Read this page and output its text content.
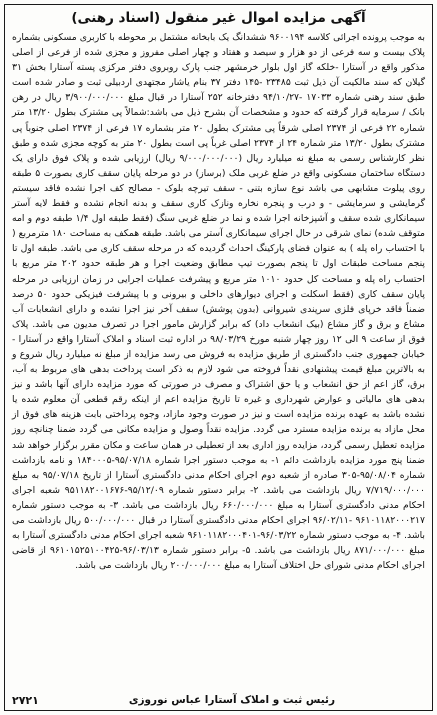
آگهی مزایده اموال غیر منقول (اسناد رهنی)

به موجب پرونده اجرائی کلاسه ۹۶۰۰۱۹۴ ششدانگ یک بابخانه مشتمل بر محوطه با کاربری مسکونی بشماره پلاک بیست و سه فرعی از دو هزار و سیصد و هفتاد و چهار اصلی مفروز و مجزی شده از فرعی از اصلی مذکور واقع در آستارا -خلکه گاز اول بلوار خرمشهر جنب پارک روبروی دفتر مرکزی پسته آستارا بخش ۳۱ گیلان که سند مالکیت آن ذیل ثبت ۲۳۴۸۵ -۱۴۵ دفتر ۳۷ بنام یاشار مجتهدی اردبیلی ثبت و صادر شده است طبق سند رهنی شماره ۱۷۰۳۳ -۹۴/۱۰/۲۷ دفترخانه ۲۵۲ آستارا در قبال مبلغ ۳/۹۰۰/۰۰۰/۰۰۰ ریال در رهن بانک / سرمایه قرار گرفته که حدود و مشخصات آن بشرح ذیل می باشد:شمالاً پی مشترک بطول ۱۳/۲۰ متر شماره ۲۲ فرعی از ۲۳۷۴ اصلی شرقاً پی مشترک بطول ۲۰ متر بشماره ۱۷ فرعی از ۲۳۷۴ اصلی جنوباً پی مشترک بطول ۱۳/۲۰ متر شماره ۲۴ از ۲۳۷۴ اصلی غرباً پی است بطول ۲۰ متر به کوچه مجزی شده و طبق نظر کارشناس رسمی به مبلغ نه میلیارد ریال (۹/۰۰۰/۰۰۰/۰۰۰ ریال) ارزیابی شده و پلاک فوق دارای یک دستگاه ساختمان مسکونی واقع در ضلع غربی ملک (برساز) در دو مرحله پایان سقف کاری بصورت ۵ طبقه روی پیلوت مشابهی می باشد نوع سازه بتنی - سقف تیرچه بلوک - مصالح کف اجرا نشده فاقد سیستم گرمایشی و سرمایشی - و درب و پنجره نخاره ونازک کاری سقف و بدنه انجام نشده و فقط لایه آستر سیمانکاری شده سقف و آشپزخانه اجرا شده و نما در ضلع غربی سنگ (فقط طبقه اول ۱/۴ طبقه دوم و امه متوقف شده) نمای شرقی در حال اجرای سیمانکاری آستر می باشد. طبقه همکف به مساحت ۱۸۰ مترمربع ( با احتساب راه پله ) به عنوان فضای پارکینگ احداث گردیده که در مرحله سقف کاری می باشد. طبقه اول تا پنجم مساحت طبقات اول تا پنجم بصورت تیپ مطابق وضعیت اجرا و هر طبقه حدود ۲۰۲ متر مربع با احتساب راه پله و مساحت کل حدود ۱۰۱۰ متر مربع و پیشرفت عملیات اجرایی در زمان ارزیابی در مرحله پایان سقف کاری (فقط اسکلت و اجرای دیوارهای داخلی و بیرونی و با پیشرفت فیزیکی حدود ۵۰ درصد ضمناً فاقد خرپای فلزی سرپندی شیروانی (بدون پوشش) سقف آخر نیز اجرا نشده و دارای انشعابات آب مشاع و برق و گاز مشاع (بیک انشعاب داد) که برابر گزارش مامور اجرا در تصرف مدیون می باشد. پلاک فوق از ساعت ۹ الی ۱۲ روز چهار شنبه مورخ ۹۸/۰۳/۲۹ در اداره ثبت اسناد و املاک آستارا واقع در آستارا - خیابان جمهوری جنب دادگستری از طریق مزایده به فروش می رسد مزایده از مبلغ نه میلیارد ریال شروع و به بالاترین مبلغ قیمت پیشنهادی نقداً فروخته می شود لازم به ذکر است پرداخت بدهی های مربوط به آب، برق، گاز اعم از حق انشعاب و یا حق اشتراک و مصرف در صورتی که مورد مزایده دارای آنها باشد و نیز بدهی های مالیاتی و عوارض شهرداری و غیره تا تاریخ مزایده اعم از اینکه رقم قطعی آن معلوم شده یا نشده باشد به عهده برنده مزایده است و نیز در صورت وجود مازاد، وجوه پرداختی بابت هزینه های فوق از محل مازاد به برنده مزایده مسترد می گردد. مزایده نقداً وصول و مزایده مکانی می گردد ضمنا چنانچه روز مزایده تعطیل رسمی گردد، مزایده روز اداری بعد از تعطیلی در همان ساعت و مکان مقرر برگزار خواهد شد ضمنا پنج مورد مزایده بازداشت دائم ۱- به موجب دستور اجرا شماره ۹۵/۰۷/۱۸-۱۸۴۰۰۰۵ و نامه بازداشت شماره ۹۵/۰۸/۰۴-۳۰۵ صادره از شعبه دوم اجرای احکام مدنی دادگستری آستارا از تاریخ ۹۵/۰۷/۱۸ به مبلغ ۷/۷۱۹/۰۰۰/۰۰۰ ریال بازداشت می باشد. ۲- برابر دستور شماره ۹۵/۱۲/۰۹-۹۵۱۱۸۲۰۰۱۶۷۶ شعبه اجرای احکام مدنی دادگستری آستارا به مبلغ ۶۶۰/۰۰۰/۰۰۰ ریال بازداشت می باشد. ۳- به موجب دستور شماره ۹۶۱۰۱۱۸۲۰۰۰۲۱۷ -۹۶/۰۲/۱۱ اجرای احکام مدنی دادگستری آستارا در قبال ۵۰۰/۰۰۰/۰۰۰ ریال بازداشت می باشد. ۴- به موجب دستور شماره ۹۶/۰۳/۲۲-۹۶۱۰۱۱۸۲۰۰۰۴۰۱ شعبه اجرای احکام مدنی دادگستری آستارا به مبلغ ۸۷۱/۰۰۰/۰۰۰ ریال بازداشت می باشد. ۵- برابر دستور شماره ۹۶/۰۳/۱۳-۹۶۱۰۱۵۲۵۱۰۰۴۲۵ از قاضی اجرای احکام مدنی شورای حل اختلاف آستارا به مبلغ ۲۰۰/۰۰۰/۰۰۰ ریال بازداشت می باشد.

رئیس ثبت و املاک آستارا عباس نوروزی
۲۷۲۱
